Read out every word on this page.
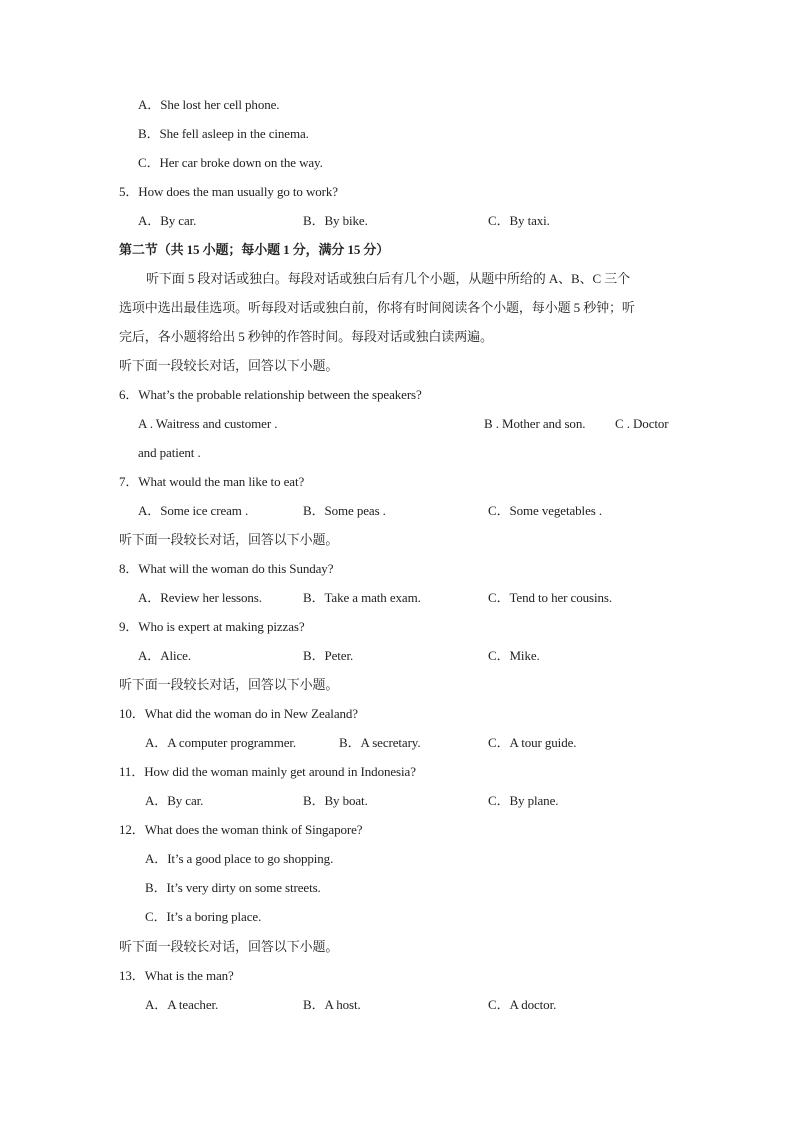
A．She lost her cell phone.
B．She fell asleep in the cinema.
C．Her car broke down on the way.
5．How does the man usually go to work?
A．By car.	B．By bike.	C．By taxi.
第二节（共 15 小题；每小题 1 分，满分 15 分）
听下面 5 段对话或独白。每段对话或独白后有几个小题，从题中所给的 A、B、C 三个
选项中选出最佳选项。听每段对话或独白前，你将有时间阅读各个小题，每小题 5 秒钟；听
完后，各小题将给出 5 秒钟的作答时间。每段对话或独白读两遍。
听下面一段较长对话，回答以下小题。
6．What’s the probable relationship between the speakers?
A . Waitress and customer .	B . Mother and son. C . Doctor
and patient .
7．What would the man like to eat?
A．Some ice cream .	B．Some peas .	C．Some vegetables .
听下面一段较长对话，回答以下小题。
8．What will the woman do this Sunday?
A．Review her lessons.	B．Take a math exam.	C．Tend to her cousins.
9．Who is expert at making pizzas?
A．Alice.	B．Peter.	C．Mike.
听下面一段较长对话，回答以下小题。
10．What did the woman do in New Zealand?
A．A computer programmer.	B．A secretary.	C．A tour guide.
11．How did the woman mainly get around in Indonesia?
A．By car.	B．By boat.	C．By plane.
12．What does the woman think of Singapore?
A．It’s a good place to go shopping.
B．It’s very dirty on some streets.
C．It’s a boring place.
听下面一段较长对话，回答以下小题。
13．What is the man?
A．A teacher.	B．A host.	C．A doctor.
